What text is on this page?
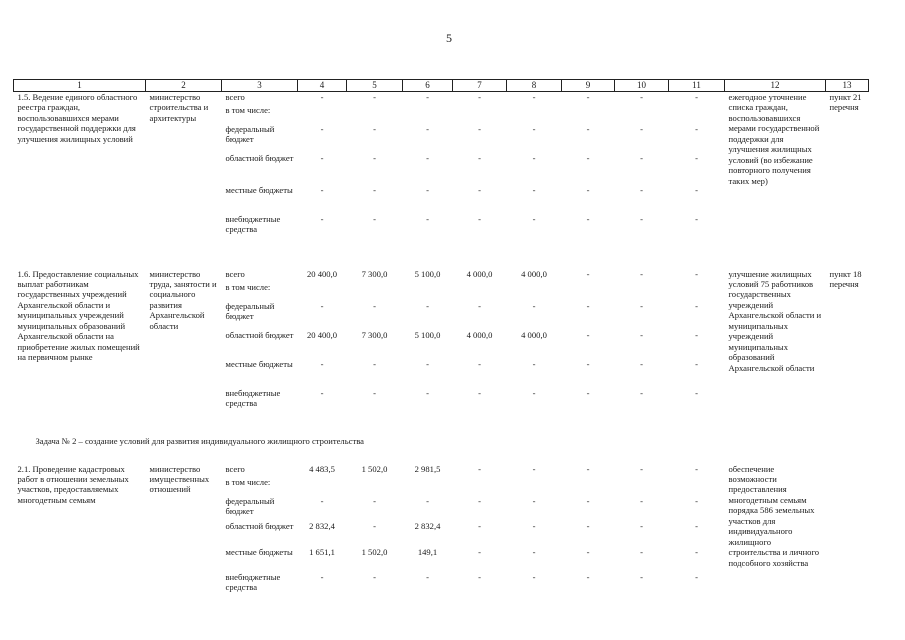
5
1	2	3	4	5	6	7	8	9	10	11	12	13
1.5. Ведение единого областного реестра граждан, воспользовавшихся мерами государственной поддержки для улучшения жилищных условий	министерство строительства и архитектуры	всего	-	-	-	-	-	-	-	-	ежегодное уточнение списка граждан, воспользовавшихся мерами государственной поддержки для улучшения жилищных условий (во избежание повторного получения таких мер)	пункт 21 перечня
		в том числе:										
		федеральный бюджет	-	-	-	-	-	-	-	-		
		областной бюджет	-	-	-	-	-	-	-	-		
		местные бюджеты	-	-	-	-	-	-	-	-		
		внебюджетные средства	-	-	-	-	-	-	-	-		

1.6. Предоставление социальных выплат работникам государственных учреждений Архангельской области и муниципальных учреждений муниципальных образований Архангельской области на приобретение жилых помещений на первичном рынке	министерство труда, занятости и социального развития Архангельской области	всего	20 400,0	7 300,0	5 100,0	4 000,0	4 000,0	-	-	-	улучшение жилищных условий 75 работников государственных учреждений Архангельской области и муниципальных учреждений муниципальных образований Архангельской области	пункт 18 перечня
		в том числе:										
		федеральный бюджет	-	-	-	-	-	-	-	-		
		областной бюджет	20 400,0	7 300,0	5 100,0	4 000,0	4 000,0	-	-	-		
		местные бюджеты	-	-	-	-	-	-	-	-		
		внебюджетные средства	-	-	-	-	-	-	-	-		

Задача № 2 – создание условий для развития индивидуального жилищного строительства												

2.1. Проведение кадастровых работ в отношении земельных участков, предоставляемых многодетным семьям	министерство имущественных отношений	всего	4 483,5	1 502,0	2 981,5	-	-	-	-	-	обеспечение возможности предоставления многодетным семьям порядка 586 земельных участков для индивидуального жилищного строительства и личного подсобного хозяйства	
		в том числе:										
		федеральный бюджет	-	-	-	-	-	-	-	-		
		областной бюджет	2 832,4	-	2 832,4	-	-	-	-	-		
		местные бюджеты	1 651,1	1 502,0	149,1	-	-	-	-	-		
		внебюджетные средства	-	-	-	-	-	-	-	-		
